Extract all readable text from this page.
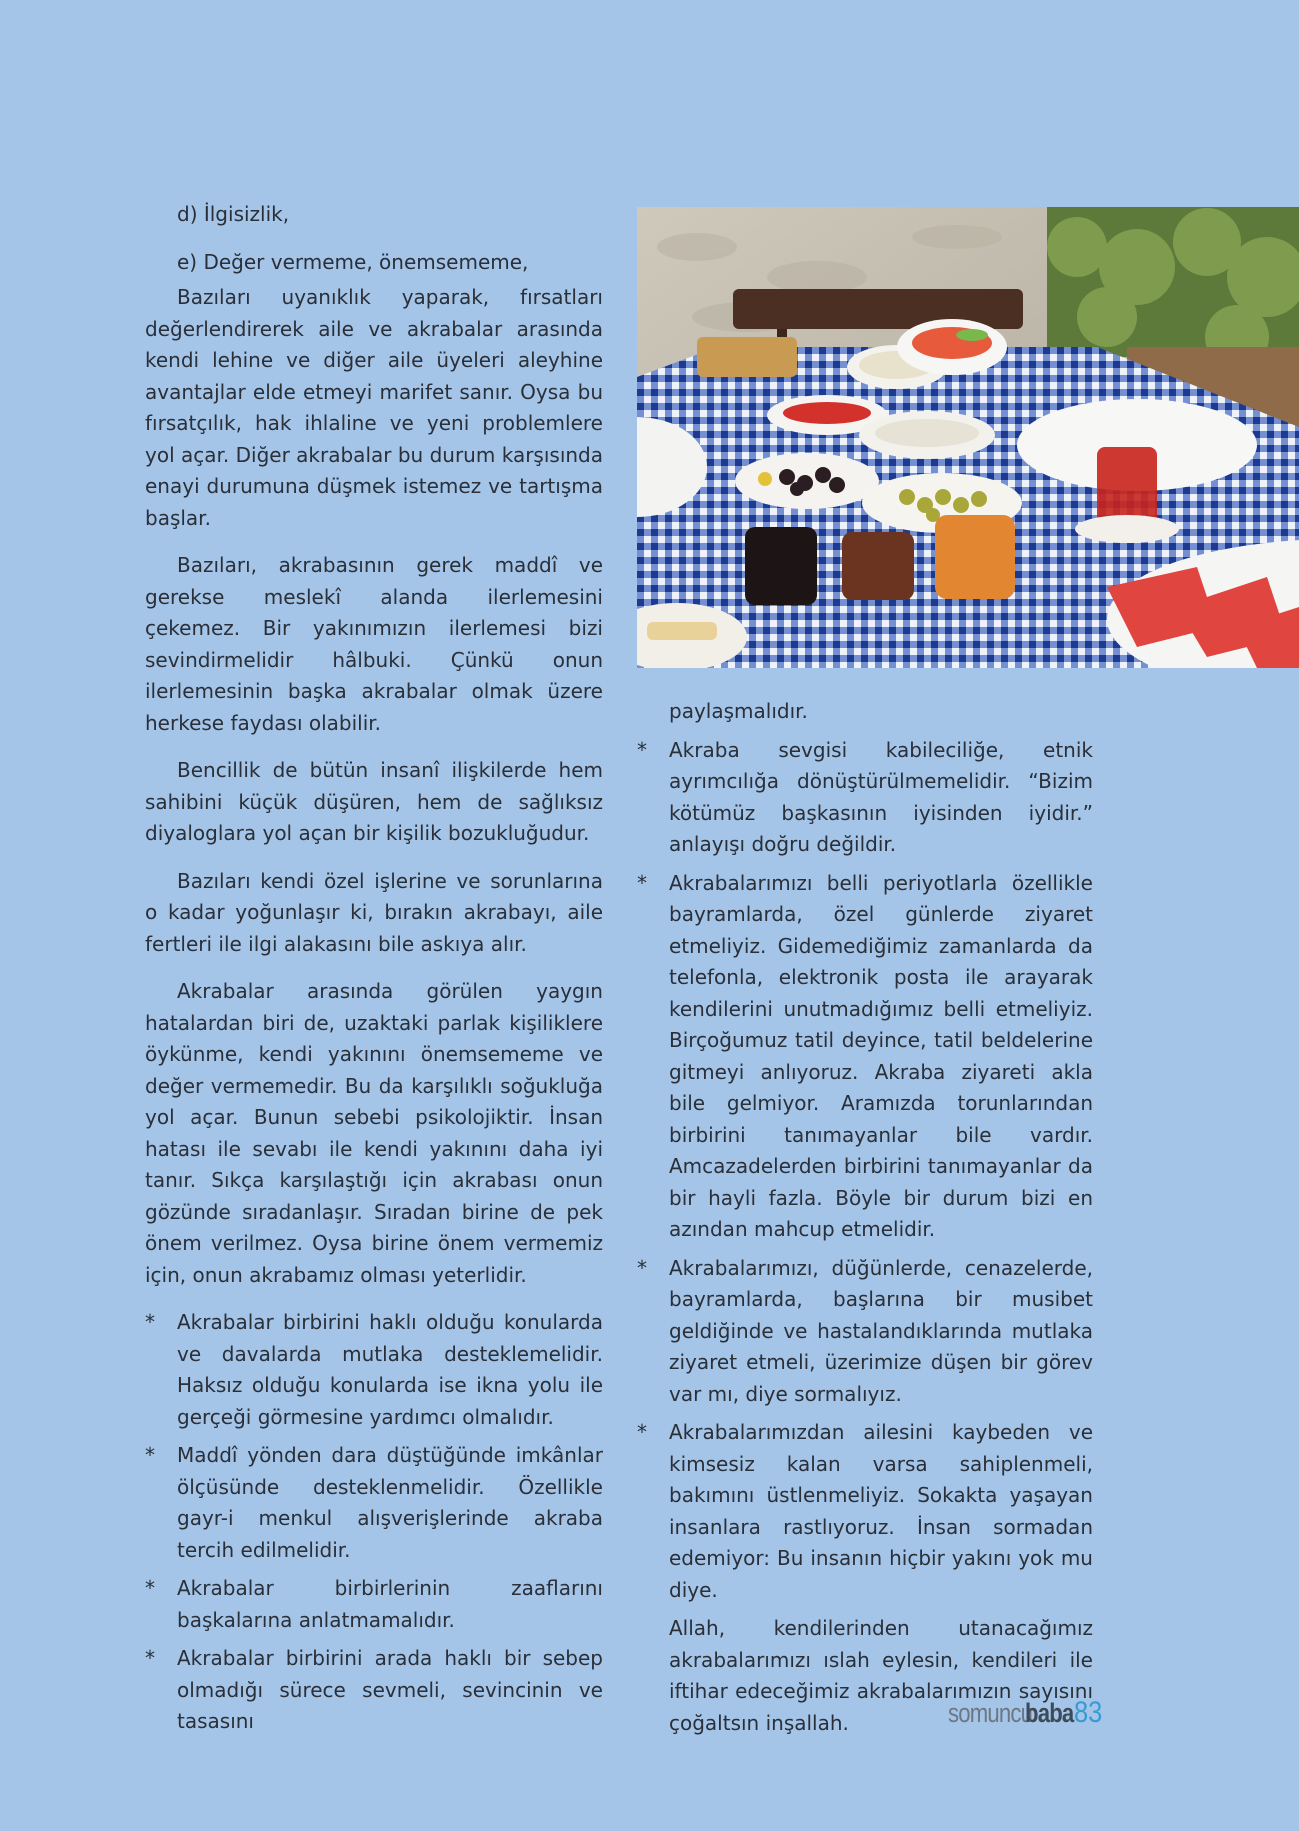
d) İlgisizlik,

e) Değer vermeme, önemsememe,

Bazıları uyanıklık yaparak, fırsatları değerlendirerek aile ve akrabalar arasında kendi lehine ve diğer aile üyeleri aleyhine avantajlar elde etmeyi marifet sanır. Oysa bu fırsatçılık, hak ihlaline ve yeni problemlere yol açar. Diğer akrabalar bu durum karşısında enayi durumuna düşmek istemez ve tartışma başlar.

Bazıları, akrabasının gerek maddî ve gerekse meslekî alanda ilerlemesini çekemez. Bir yakınımızın ilerlemesi bizi sevindirmelidir hâlbuki. Çünkü onun ilerlemesinin başka akrabalar olmak üzere herkese faydası olabilir.

Bencillik de bütün insanî ilişkilerde hem sahibini küçük düşüren, hem de sağlıksız diyaloglara yol açan bir kişilik bozukluğudur.

Bazıları kendi özel işlerine ve sorunlarına o kadar yoğunlaşır ki, bırakın akrabayı, aile fertleri ile ilgi alakasını bile askıya alır.

Akrabalar arasında görülen yaygın hatalardan biri de, uzaktaki parlak kişiliklere öykünme, kendi yakınını önemsememe ve değer vermemedir. Bu da karşılıklı soğukluğa yol açar. Bunun sebebi psikolojiktir. İnsan hatası ile sevabı ile kendi yakınını daha iyi tanır. Sıkça karşılaştığı için akrabası onun gözünde sıradanlaşır. Sıradan birine de pek önem verilmez. Oysa birine önem vermemiz için, onun akrabamız olması yeterlidir.

*	Akrabalar birbirini haklı olduğu konularda ve davalarda mutlaka desteklemelidir. Haksız olduğu konularda ise ikna yolu ile gerçeği görmesine yardımcı olmalıdır.
*	Maddî yönden dara düştüğünde imkânlar ölçüsünde desteklenmelidir. Özellikle gayr-i menkul alışverişlerinde akraba tercih edilmelidir.
*	Akrabalar birbirlerinin zaaflarını başkalarına anlatmamalıdır.
*	Akrabalar birbirini arada haklı bir sebep olmadığı sürece sevmeli, sevincinin ve tasasını

paylaşmalıdır.

*	Akraba sevgisi kabileciliğe, etnik ayrımcılığa dönüştürülmemelidir. “Bizim kötümüz başkasının iyisinden iyidir.” anlayışı doğru değildir.
*	Akrabalarımızı belli periyotlarla özellikle bayramlarda, özel günlerde ziyaret etmeliyiz. Gidemediğimiz zamanlarda da telefonla, elektronik posta ile arayarak kendilerini unutmadığımız belli etmeliyiz. Birçoğumuz tatil deyince, tatil beldelerine gitmeyi anlıyoruz. Akraba ziyareti akla bile gelmiyor. Aramızda torunlarından birbirini tanımayanlar bile vardır. Amcazadelerden birbirini tanımayanlar da bir hayli fazla. Böyle bir durum bizi en azından mahcup etmelidir.
*	Akrabalarımızı, düğünlerde, cenazelerde, bayramlarda, başlarına bir musibet geldiğinde ve hastalandıklarında mutlaka ziyaret etmeli, üzerimize düşen bir görev var mı, diye sormalıyız.
*	Akrabalarımızdan ailesini kaybeden ve kimsesiz kalan varsa sahiplenmeli, bakımını üstlenmeliyiz. Sokakta yaşayan insanlara rastlıyoruz. İnsan sormadan edemiyor: Bu insanın hiçbir yakını yok mu diye.

Allah, kendilerinden utanacağımız akrabalarımızı ıslah eylesin, kendileri ile iftihar edeceğimiz akrabalarımızın sayısını çoğaltsın inşallah.	somuncu
baba 83
